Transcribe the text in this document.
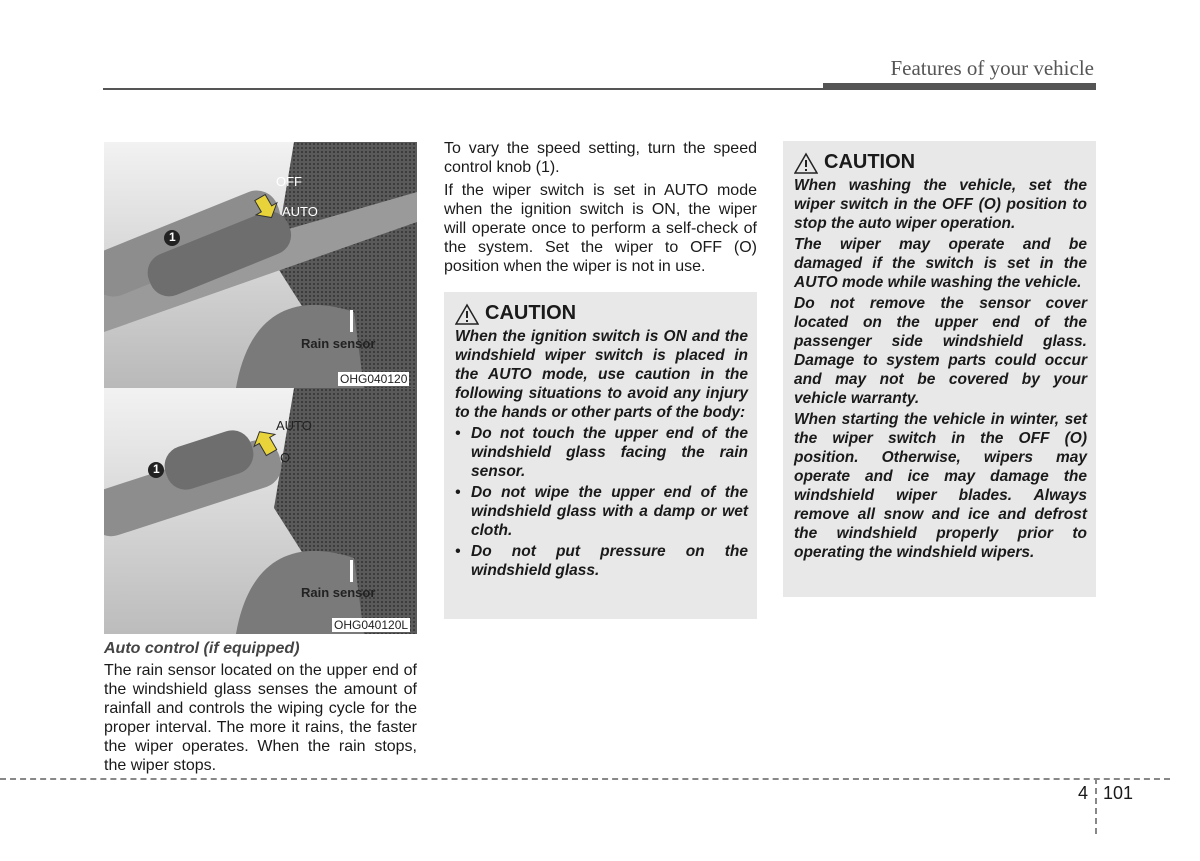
Features of your vehicle
OFF
AUTO
1
Rain sensor
OHG040120
AUTO
O
1
Rain sensor
OHG040120L
Auto control (if equipped)

The rain sensor located on the upper end of the windshield glass senses the amount of rainfall and controls the wiping cycle for the proper interval. The more it rains, the faster the wiper operates. When the rain stops, the wiper stops.

To vary the speed setting, turn the speed control knob (1).

If the wiper switch is set in AUTO mode when the ignition switch is ON, the wiper will operate once to perform a self-check of the system. Set the wiper to OFF (O) position when the wiper is not in use.

CAUTION

When the ignition switch is ON and the windshield wiper switch is placed in the AUTO mode, use caution in the following situations to avoid any injury to the hands or other parts of the body:

• Do not touch the upper end of the windshield glass facing the rain sensor.
• Do not wipe the upper end of the windshield glass with a damp or wet cloth.
• Do not put pressure on the windshield glass.
CAUTION

When washing the vehicle, set the wiper switch in the OFF (O) position to stop the auto wiper operation.

The wiper may operate and be damaged if the switch is set in the AUTO mode while washing the vehicle.

Do not remove the sensor cover located on the upper end of the passenger side windshield glass. Damage to system parts could occur and may not be covered by your vehicle warranty.

When starting the vehicle in winter, set the wiper switch in the OFF (O) position. Otherwise, wipers may operate and ice may damage the windshield wiper blades. Always remove all snow and ice and defrost the windshield properly prior to operating the windshield wipers.

4 101
